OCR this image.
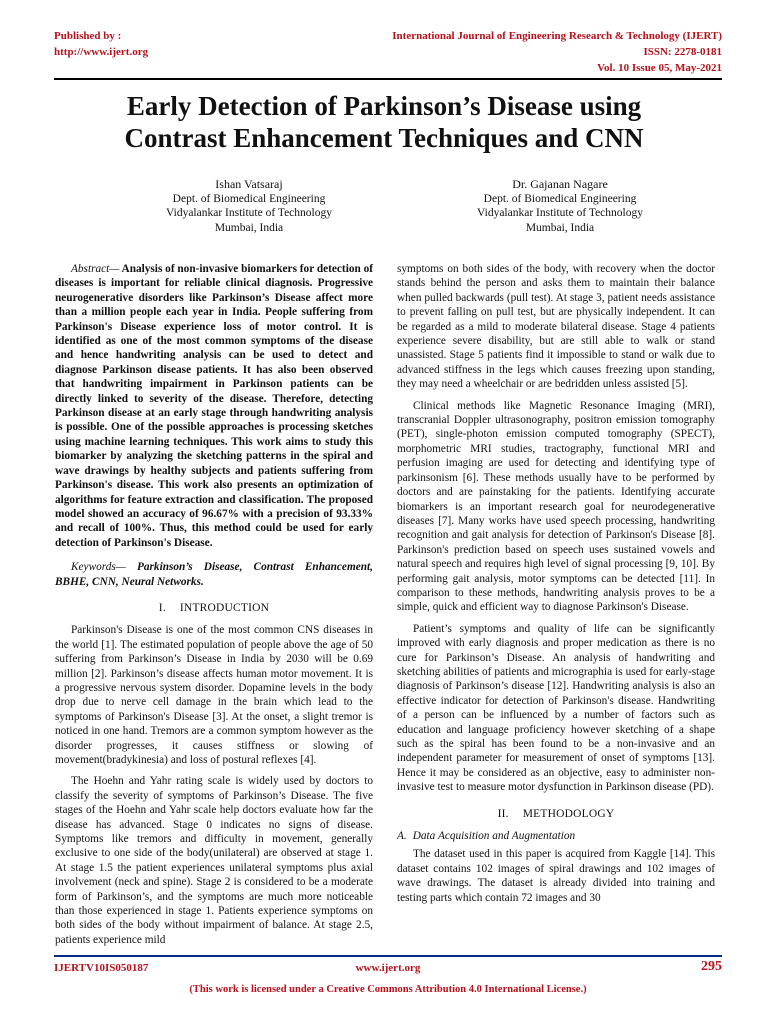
Published by :
http://www.ijert.org
International Journal of Engineering Research & Technology (IJERT)
ISSN: 2278-0181
Vol. 10 Issue 05, May-2021
Early Detection of Parkinson’s Disease using
Contrast Enhancement Techniques and CNN
Ishan Vatsaraj
Dept. of Biomedical Engineering
Vidyalankar Institute of Technology
Mumbai, India
Dr. Gajanan Nagare
Dept. of Biomedical Engineering
Vidyalankar Institute of Technology
Mumbai, India

Abstract— Analysis of non-invasive biomarkers for detection of diseases is important for reliable clinical diagnosis. Progressive neurogenerative disorders like Parkinson’s Disease affect more than a million people each year in India. People suffering from Parkinson's Disease experience loss of motor control. It is identified as one of the most common symptoms of the disease and hence handwriting analysis can be used to detect and diagnose Parkinson disease patients. It has also been observed that handwriting impairment in Parkinson patients can be directly linked to severity of the disease. Therefore, detecting Parkinson disease at an early stage through handwriting analysis is possible. One of the possible approaches is processing sketches using machine learning techniques. This work aims to study this biomarker by analyzing the sketching patterns in the spiral and wave drawings by healthy subjects and patients suffering from Parkinson's disease. This work also presents an optimization of algorithms for feature extraction and classification. The proposed model showed an accuracy of 96.67% with a precision of 93.33% and recall of 100%. Thus, this method could be used for early detection of Parkinson's Disease.

Keywords— Parkinson’s Disease, Contrast Enhancement, BBHE, CNN, Neural Networks.

I. INTRODUCTION

Parkinson's Disease is one of the most common CNS diseases in the world [1]. The estimated population of people above the age of 50 suffering from Parkinson’s Disease in India by 2030 will be 0.69 million [2]. Parkinson’s disease affects human motor movement. It is a progressive nervous system disorder. Dopamine levels in the body drop due to nerve cell damage in the brain which lead to the symptoms of Parkinson's Disease [3]. At the onset, a slight tremor is noticed in one hand. Tremors are a common symptom however as the disorder progresses, it causes stiffness or slowing of movement(bradykinesia) and loss of postural reflexes [4].

The Hoehn and Yahr rating scale is widely used by doctors to classify the severity of symptoms of Parkinson’s Disease. The five stages of the Hoehn and Yahr scale help doctors evaluate how far the disease has advanced. Stage 0 indicates no signs of disease. Symptoms like tremors and difficulty in movement, generally exclusive to one side of the body(unilateral) are observed at stage 1. At stage 1.5 the patient experiences unilateral symptoms plus axial involvement (neck and spine). Stage 2 is considered to be a moderate form of Parkinson’s, and the symptoms are much more noticeable than those experienced in stage 1. Patients experience symptoms on both sides of the body without impairment of balance. At stage 2.5, patients experience mild

symptoms on both sides of the body, with recovery when the doctor stands behind the person and asks them to maintain their balance when pulled backwards (pull test). At stage 3, patient needs assistance to prevent falling on pull test, but are physically independent. It can be regarded as a mild to moderate bilateral disease. Stage 4 patients experience severe disability, but are still able to walk or stand unassisted. Stage 5 patients find it impossible to stand or walk due to advanced stiffness in the legs which causes freezing upon standing, they may need a wheelchair or are bedridden unless assisted [5].

Clinical methods like Magnetic Resonance Imaging (MRI), transcranial Doppler ultrasonography, positron emission tomography (PET), single-photon emission computed tomography (SPECT), morphometric MRI studies, tractography, functional MRI and perfusion imaging are used for detecting and identifying type of parkinsonism [6]. These methods usually have to be performed by doctors and are painstaking for the patients. Identifying accurate biomarkers is an important research goal for neurodegenerative diseases [7]. Many works have used speech processing, handwriting recognition and gait analysis for detection of Parkinson's Disease [8]. Parkinson's prediction based on speech uses sustained vowels and natural speech and requires high level of signal processing [9, 10]. By performing gait analysis, motor symptoms can be detected [11]. In comparison to these methods, handwriting analysis proves to be a simple, quick and efficient way to diagnose Parkinson's Disease.

Patient’s symptoms and quality of life can be significantly improved with early diagnosis and proper medication as there is no cure for Parkinson’s Disease. An analysis of handwriting and sketching abilities of patients and micrographia is used for early-stage diagnosis of Parkinson’s disease [12]. Handwriting analysis is also an effective indicator for detection of Parkinson's disease. Handwriting of a person can be influenced by a number of factors such as education and language proficiency however sketching of a shape such as the spiral has been found to be a non-invasive and an independent parameter for measurement of onset of symptoms [13]. Hence it may be considered as an objective, easy to administer non-invasive test to measure motor dysfunction in Parkinson disease (PD).

II. METHODOLOGY
A. Data Acquisition and Augmentation

The dataset used in this paper is acquired from Kaggle [14]. This dataset contains 102 images of spiral drawings and 102 images of wave drawings. The dataset is already divided into training and testing parts which contain 72 images and 30

IJERTV10IS050187	www.ijert.org	295
(This work is licensed under a Creative Commons Attribution 4.0 International License.)
